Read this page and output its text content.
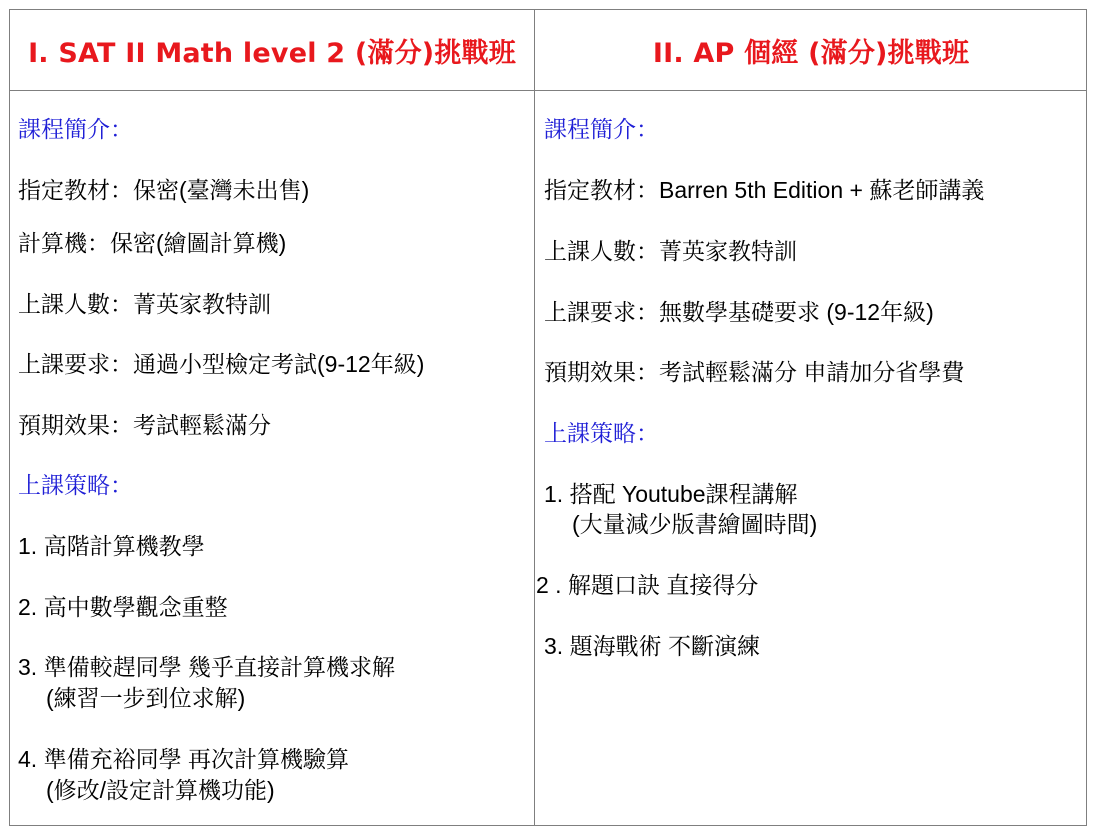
I. SAT II Math level 2 (滿分)挑戰班	II. AP 個經 (滿分)挑戰班
課程簡介：
指定教材：保密(臺灣未出售)
計算機：保密(繪圖計算機)
上課人數：菁英家教特訓
上課要求：通過小型檢定考試(9-12年級)
預期效果：考試輕鬆滿分
上課策略：
1. 高階計算機教學
2. 高中數學觀念重整
3. 準備較趕同學 幾乎直接計算機求解
(練習一步到位求解)
4. 準備充裕同學 再次計算機驗算
(修改/設定計算機功能)
課程簡介：
指定教材：Barren 5th Edition + 蘇老師講義
上課人數：菁英家教特訓
上課要求：無數學基礎要求 (9-12年級)
預期效果：考試輕鬆滿分 申請加分省學費
上課策略：
1. 搭配 Youtube課程講解
(大量減少版書繪圖時間)
2 . 解題口訣 直接得分
3. 題海戰術 不斷演練
